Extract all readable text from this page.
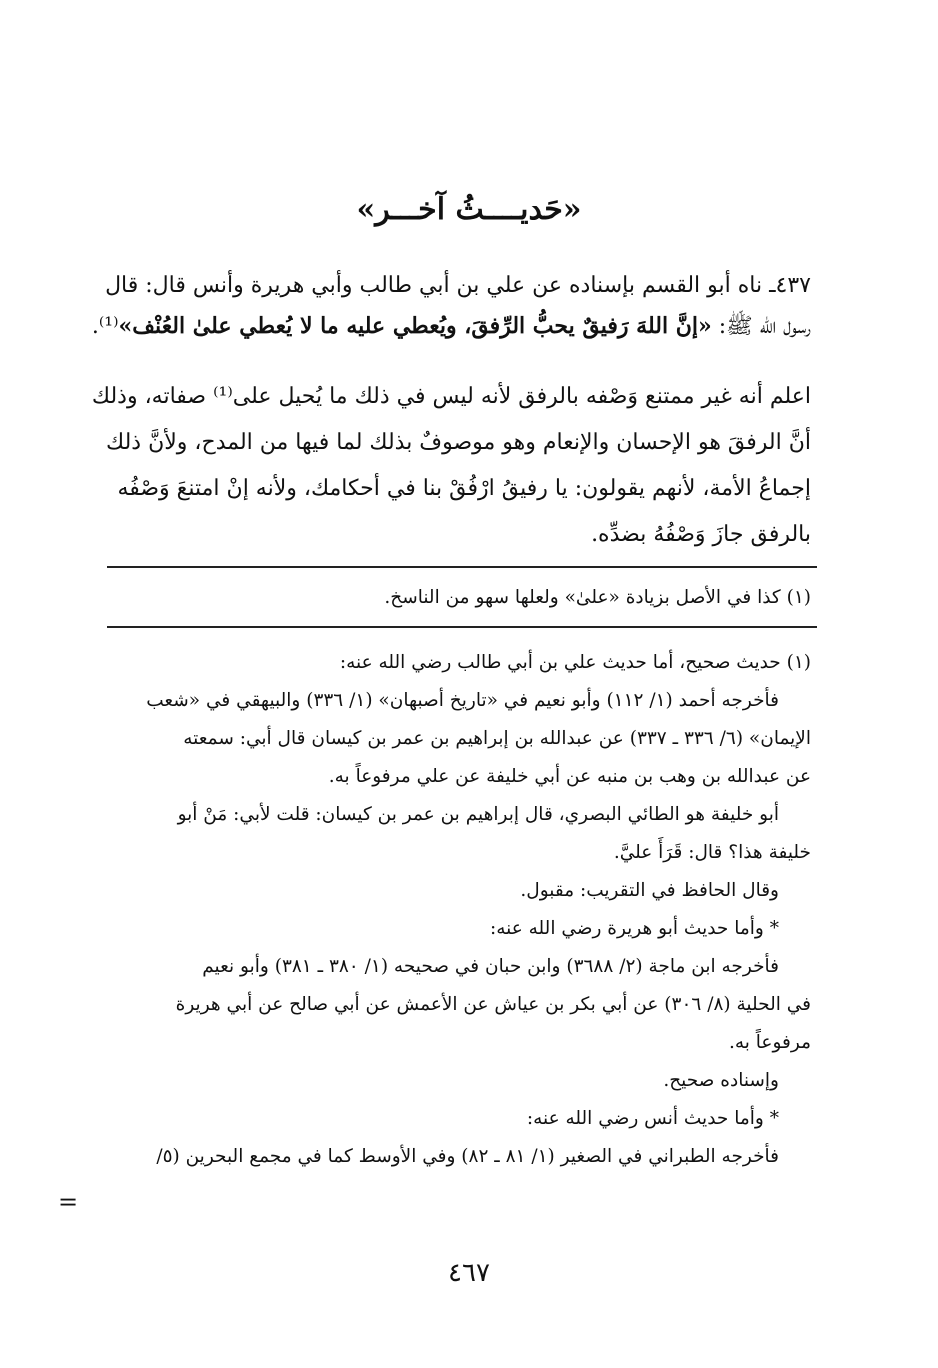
«حَديــــثُ آخـــر»
٤٣٧ـ ناه أبو القسم بإسناده عن علي بن أبي طالب وأبي هريرة وأنس قال: قال
رسول الله ﷺ: «إنَّ اللهَ رَفيقٌ يحبُّ الرِّفقَ، ويُعطي عليه ما لا يُعطي علىٰ العُنْف»⁽¹⁾.
اعلم أنه غير ممتنع وَصْفه بالرفق لأنه ليس في ذلك ما يُحيل على⁽¹⁾ صفاته، وذلك
أنَّ الرفقَ هو الإحسان والإنعام وهو موصوفٌ بذلك لما فيها من المدح، ولأنَّ ذلك
إجماعُ الأمة، لأنهم يقولون: يا رفيقُ ارْفُقْ بنا في أحكامك، ولأنه إنْ امتنعَ وَصْفُه
بالرفق جازَ وَصْفُهُ بضدِّه.
(١) كذا في الأصل بزيادة «علىٰ» ولعلها سهو من الناسخ.
(١) حديث صحيح، أما حديث علي بن أبي طالب رضي الله عنه:
فأخرجه أحمد (١/ ١١٢) وأبو نعيم في «تاريخ أصبهان» (١/ ٣٣٦) والبيهقي في «شعب
الإيمان» (٦/ ٣٣٦ ـ ٣٣٧) عن عبدالله بن إبراهيم بن عمر بن كيسان قال أبي: سمعته
عن عبدالله بن وهب بن منبه عن أبي خليفة عن علي مرفوعاً به.
أبو خليفة هو الطائي البصري، قال إبراهيم بن عمر بن كيسان: قلت لأبي: مَنْ أبو
خليفة هذا؟ قال: قَرَأَ عليَّ.
وقال الحافظ في التقريب: مقبول.
* وأما حديث أبو هريرة رضي الله عنه:
فأخرجه ابن ماجة (٢/ ٣٦٨٨) وابن حبان في صحيحه (١/ ٣٨٠ ـ ٣٨١) وأبو نعيم
في الحلية (٨/ ٣٠٦) عن أبي بكر بن عياش عن الأعمش عن أبي صالح عن أبي هريرة
مرفوعاً به.
وإسناده صحيح.
* وأما حديث أنس رضي الله عنه:
فأخرجه الطبراني في الصغير (١/ ٨١ ـ ٨٢) وفي الأوسط كما في مجمع البحرين (٥/
=
٤٦٧
